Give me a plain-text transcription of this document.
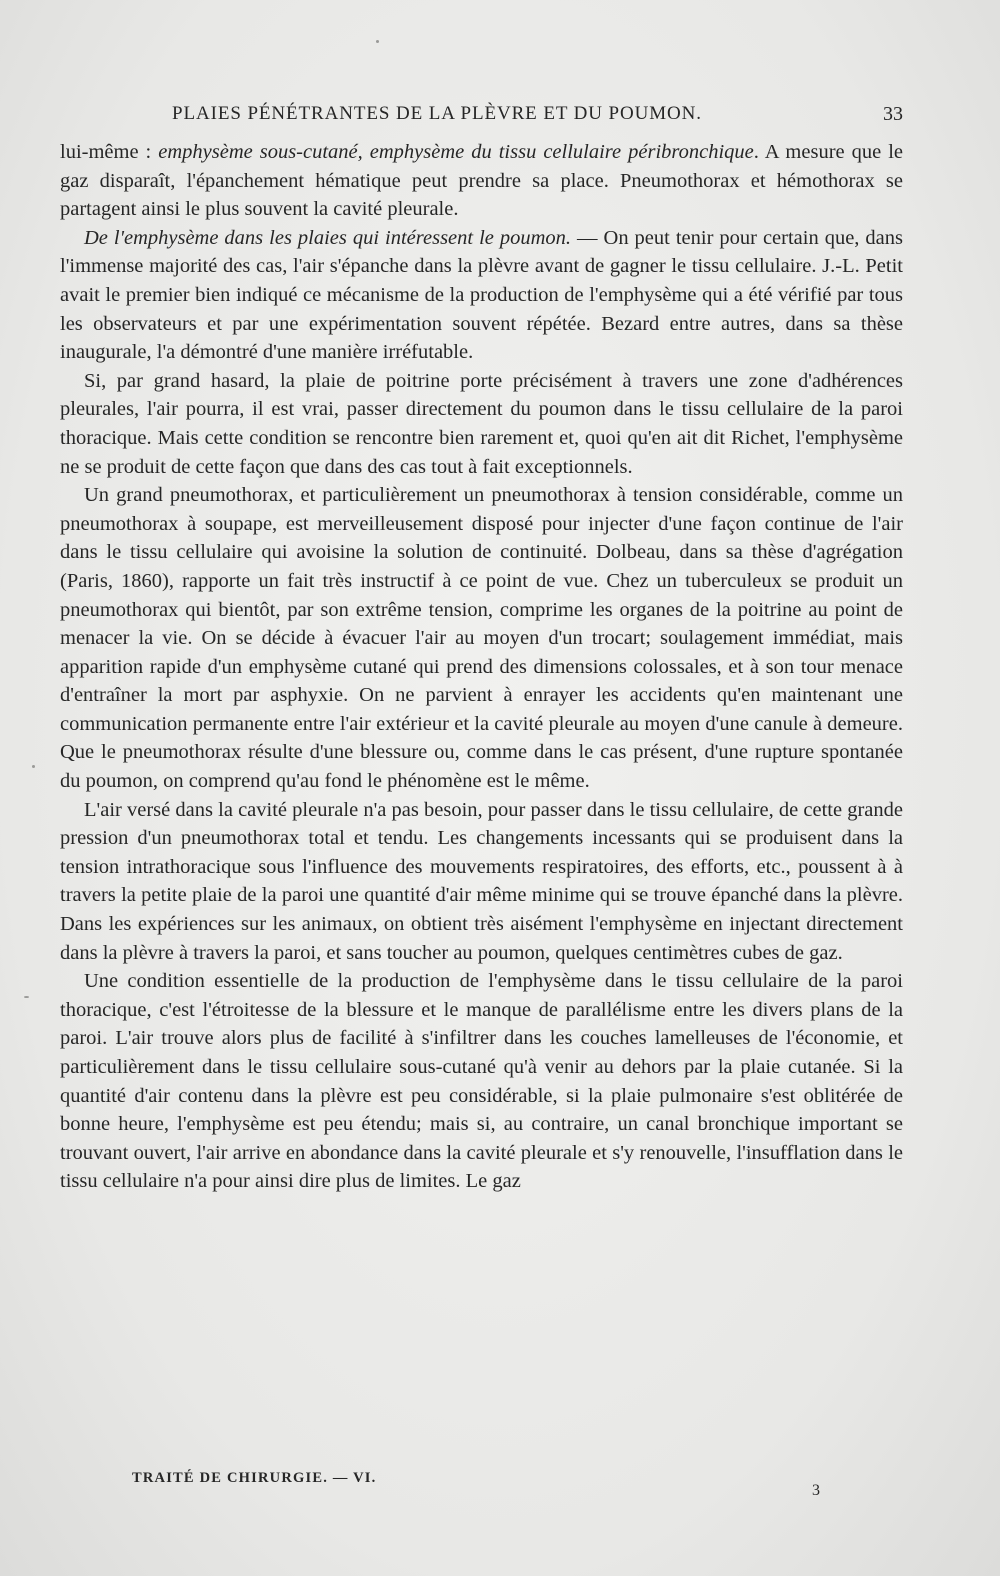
PLAIES PÉNÉTRANTES DE LA PLÈVRE ET DU POUMON.	33

lui-même : emphysème sous-cutané, emphysème du tissu cellulaire péribronchique. A mesure que le gaz disparaît, l'épanchement hématique peut prendre sa place. Pneumothorax et hémothorax se partagent ainsi le plus souvent la cavité pleurale.

De l'emphysème dans les plaies qui intéressent le poumon. — On peut tenir pour certain que, dans l'immense majorité des cas, l'air s'épanche dans la plèvre avant de gagner le tissu cellulaire. J.-L. Petit avait le premier bien indiqué ce mécanisme de la production de l'emphysème qui a été vérifié par tous les observateurs et par une expérimentation souvent répétée. Bezard entre autres, dans sa thèse inaugurale, l'a démontré d'une manière irréfutable.

Si, par grand hasard, la plaie de poitrine porte précisément à travers une zone d'adhérences pleurales, l'air pourra, il est vrai, passer directement du poumon dans le tissu cellulaire de la paroi thoracique. Mais cette condition se rencontre bien rarement et, quoi qu'en ait dit Richet, l'emphysème ne se produit de cette façon que dans des cas tout à fait exceptionnels.

Un grand pneumothorax, et particulièrement un pneumothorax à tension considérable, comme un pneumothorax à soupape, est merveilleusement disposé pour injecter d'une façon continue de l'air dans le tissu cellulaire qui avoisine la solution de continuité. Dolbeau, dans sa thèse d'agrégation (Paris, 1860), rapporte un fait très instructif à ce point de vue. Chez un tuberculeux se produit un pneumothorax qui bientôt, par son extrême tension, comprime les organes de la poitrine au point de menacer la vie. On se décide à évacuer l'air au moyen d'un trocart; soulagement immédiat, mais apparition rapide d'un emphysème cutané qui prend des dimensions colossales, et à son tour menace d'entraîner la mort par asphyxie. On ne parvient à enrayer les accidents qu'en maintenant une communication permanente entre l'air extérieur et la cavité pleurale au moyen d'une canule à demeure. Que le pneumothorax résulte d'une blessure ou, comme dans le cas présent, d'une rupture spontanée du poumon, on comprend qu'au fond le phénomène est le même.

L'air versé dans la cavité pleurale n'a pas besoin, pour passer dans le tissu cellulaire, de cette grande pression d'un pneumothorax total et tendu. Les changements incessants qui se produisent dans la tension intrathoracique sous l'influence des mouvements respiratoires, des efforts, etc., poussent à à travers la petite plaie de la paroi une quantité d'air même minime qui se trouve épanché dans la plèvre. Dans les expériences sur les animaux, on obtient très aisément l'emphysème en injectant directement dans la plèvre à travers la paroi, et sans toucher au poumon, quelques centimètres cubes de gaz.

Une condition essentielle de la production de l'emphysème dans le tissu cellulaire de la paroi thoracique, c'est l'étroitesse de la blessure et le manque de parallélisme entre les divers plans de la paroi. L'air trouve alors plus de facilité à s'infiltrer dans les couches lamelleuses de l'économie, et particulièrement dans le tissu cellulaire sous-cutané qu'à venir au dehors par la plaie cutanée. Si la quantité d'air contenu dans la plèvre est peu considérable, si la plaie pulmonaire s'est oblitérée de bonne heure, l'emphysème est peu étendu; mais si, au contraire, un canal bronchique important se trouvant ouvert, l'air arrive en abondance dans la cavité pleurale et s'y renouvelle, l'insufflation dans le tissu cellulaire n'a pour ainsi dire plus de limites. Le gaz

TRAITÉ DE CHIRURGIE. — VI.
3
